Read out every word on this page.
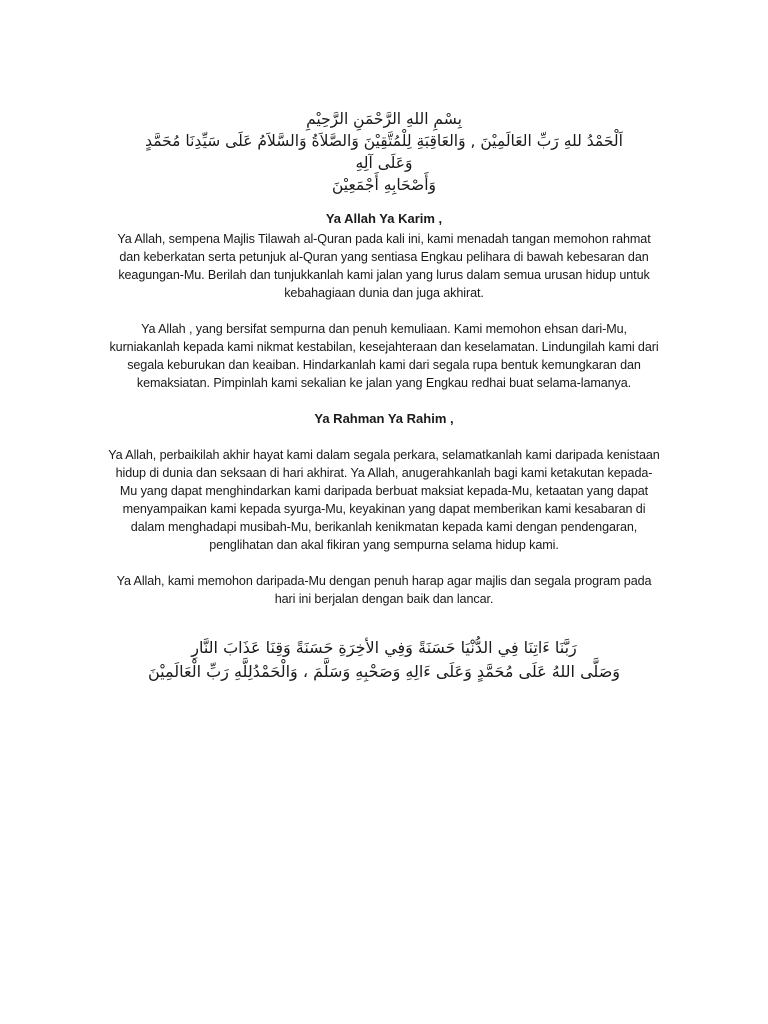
بِسْمِ اللهِ الرَّحْمَنِ الرَّحِيْمِ

اَلْحَمْدُ للهِ رَبِّ العَالَمِيْنَ , وَالعَاقِبَةِ لِلْمُتَّقِيْنَ وَالصَّلاَةُ وَالسَّلاَمُ عَلَى سَيِّدِنَا مُحَمَّدٍ

وَعَلَى آلِهِ

وَأَصْحَابِهِ أَجْمَعِيْنَ

Ya Allah Ya Karim ,

Ya Allah, sempena Majlis Tilawah al-Quran pada kali ini, kami menadah tangan memohon rahmat dan keberkatan serta petunjuk al-Quran yang sentiasa Engkau pelihara di bawah kebesaran dan keagungan-Mu. Berilah dan tunjukkanlah kami jalan yang lurus dalam semua urusan hidup untuk kebahagiaan dunia dan juga akhirat.

Ya Allah , yang bersifat sempurna dan penuh kemuliaan. Kami memohon ehsan dari-Mu, kurniakanlah kepada kami nikmat kestabilan, kesejahteraan dan keselamatan. Lindungilah kami dari segala keburukan dan keaiban. Hindarkanlah kami dari segala rupa bentuk kemungkaran dan kemaksiatan. Pimpinlah kami sekalian ke jalan yang Engkau redhai buat selama-lamanya.

Ya Rahman Ya Rahim ,

Ya Allah, perbaikilah akhir hayat kami dalam segala perkara, selamatkanlah kami daripada kenistaan hidup di dunia dan seksaan di hari akhirat. Ya Allah, anugerahkanlah bagi kami ketakutan kepada-Mu yang dapat menghindarkan kami daripada berbuat maksiat kepada-Mu, ketaatan yang dapat menyampaikan kami kepada syurga-Mu, keyakinan yang dapat memberikan kami kesabaran di dalam menghadapi musibah-Mu, berikanlah kenikmatan kepada kami dengan pendengaran, penglihatan dan akal fikiran yang sempurna selama hidup kami.

Ya Allah, kami memohon daripada-Mu dengan penuh harap agar majlis dan segala program pada hari ini berjalan dengan baik dan lancar.

رَبَّنَا ءَاتِنَا فِي الدُّنْيَا حَسَنَةً وَفِي الأخِرَةِ حَسَنَةً وَقِنَا عَذَابَ النَّارِ

وَصَلَّى اللهُ عَلَى مُحَمَّدٍ وَعَلَى ءَالِهِ وَصَحْبِهِ وَسَلَّمَ ، وَالْحَمْدُلِلَّهِ رَبِّ الْعَالَمِيْنَ
